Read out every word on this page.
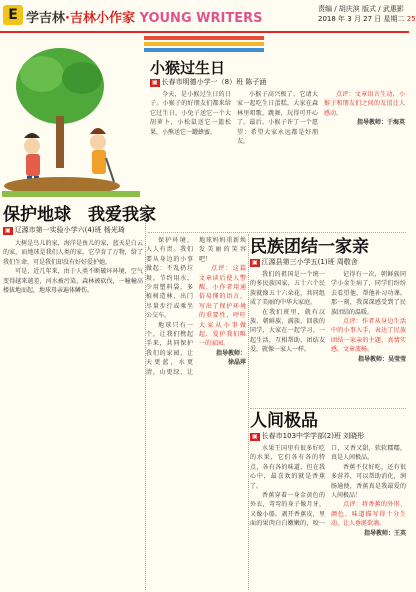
E 学吉林·吉林小作家 YOUNG WRITERS
责编 / 胡庆滨 版式 / 武惠影
2018 年 3 月 27 日 星期二 25
小猴过生日
▣ 长春市明德小学一（8）班 陈子涵

今天，是小猴过生日的日子。小猴子的好朋友们都来给它过生日。小兔子送它一个大胡萝卜，小松鼠送它一篮松果，小熊送它一罐蜂蜜。

小猴子高兴极了，它请大家一起吃生日蛋糕，大家在森林里唱歌、跳舞，玩得可开心了。最后，小猴子许了一个愿望：希望大家永远都是好朋友。

点评：文章语言生动，小猴子和朋友们之间的友谊让人感动。

指导教师：于海英

保护地球　我爱我家
▣ 辽源市第一实验小学六(4)班 杨光琦

大树是鸟儿的家，海洋是鱼儿的家，蓝天是白云的家，而地球是我们人类的家。它孕育了万物，给了我们生命，可是我们却没有好好爱护她。

可是，近几年来，由于人类不断破坏环境，空气变得越来越差，河水被污染，森林被砍伐，一幢幢高楼拔地而起，地球母亲遍体鳞伤。

保护环境，人人有责。我们要从身边的小事做起：不乱扔垃圾，节约用水，少用塑料袋，多植树造林，出门尽量步行或乘坐公交车。

地球只有一个，让我们携起手来，共同保护我们的家园，让天更蓝，水更清，山更绿，让地球妈妈重新焕发美丽的笑容吧！

点评：这篇文章读后使人警醒，小作者用通俗易懂的语言，写出了保护环境的重要性，呼吁大家从小事做起，爱护我们唯一的家园。

指导教师：徐晶萍

民族团结一家亲
▣ 江源县第三小学五(1)班 周敬舍

我们的祖国是一个统一的多民族国家，五十六个民族就像五十六朵花，共同组成了美丽的中华大家庭。

在我们班里，就有汉族、朝鲜族、满族、回族的同学，大家在一起学习、一起生活，互相帮助，团结友爱，就像一家人一样。

记得有一次，朝鲜族同学小金生病了，同学们纷纷去看望他，帮他补习功课。那一刻，我深深感受到了民族团结的温暖。

点评：作者从身边生活中的小事入手，表达了民族团结一家亲的主题，真情实感，文章流畅。

指导教师：吴莹莹

人间极品
▣ 长春市103中学学部(2)班 刘晓彤

水果王国里有很多好吃的水果，它们各有各的特点，各有各的味道，但在我心中，最喜欢的就是香蕉了。

香蕉穿着一身金黄色的外衣，弯弯的身子像月牙，又像小船。剥开香蕉皮，里面的果肉白白嫩嫩的，咬一口，又香又甜，软软糯糯，真是人间极品。

香蕉不仅好吃，还有很多营养，可以帮助消化，润肠通便，香蕉真是我最爱的人间极品！

点评：将香蕉的外形、颜色、味道描写得十分生动，让人垂涎欲滴。

指导教师：王英
